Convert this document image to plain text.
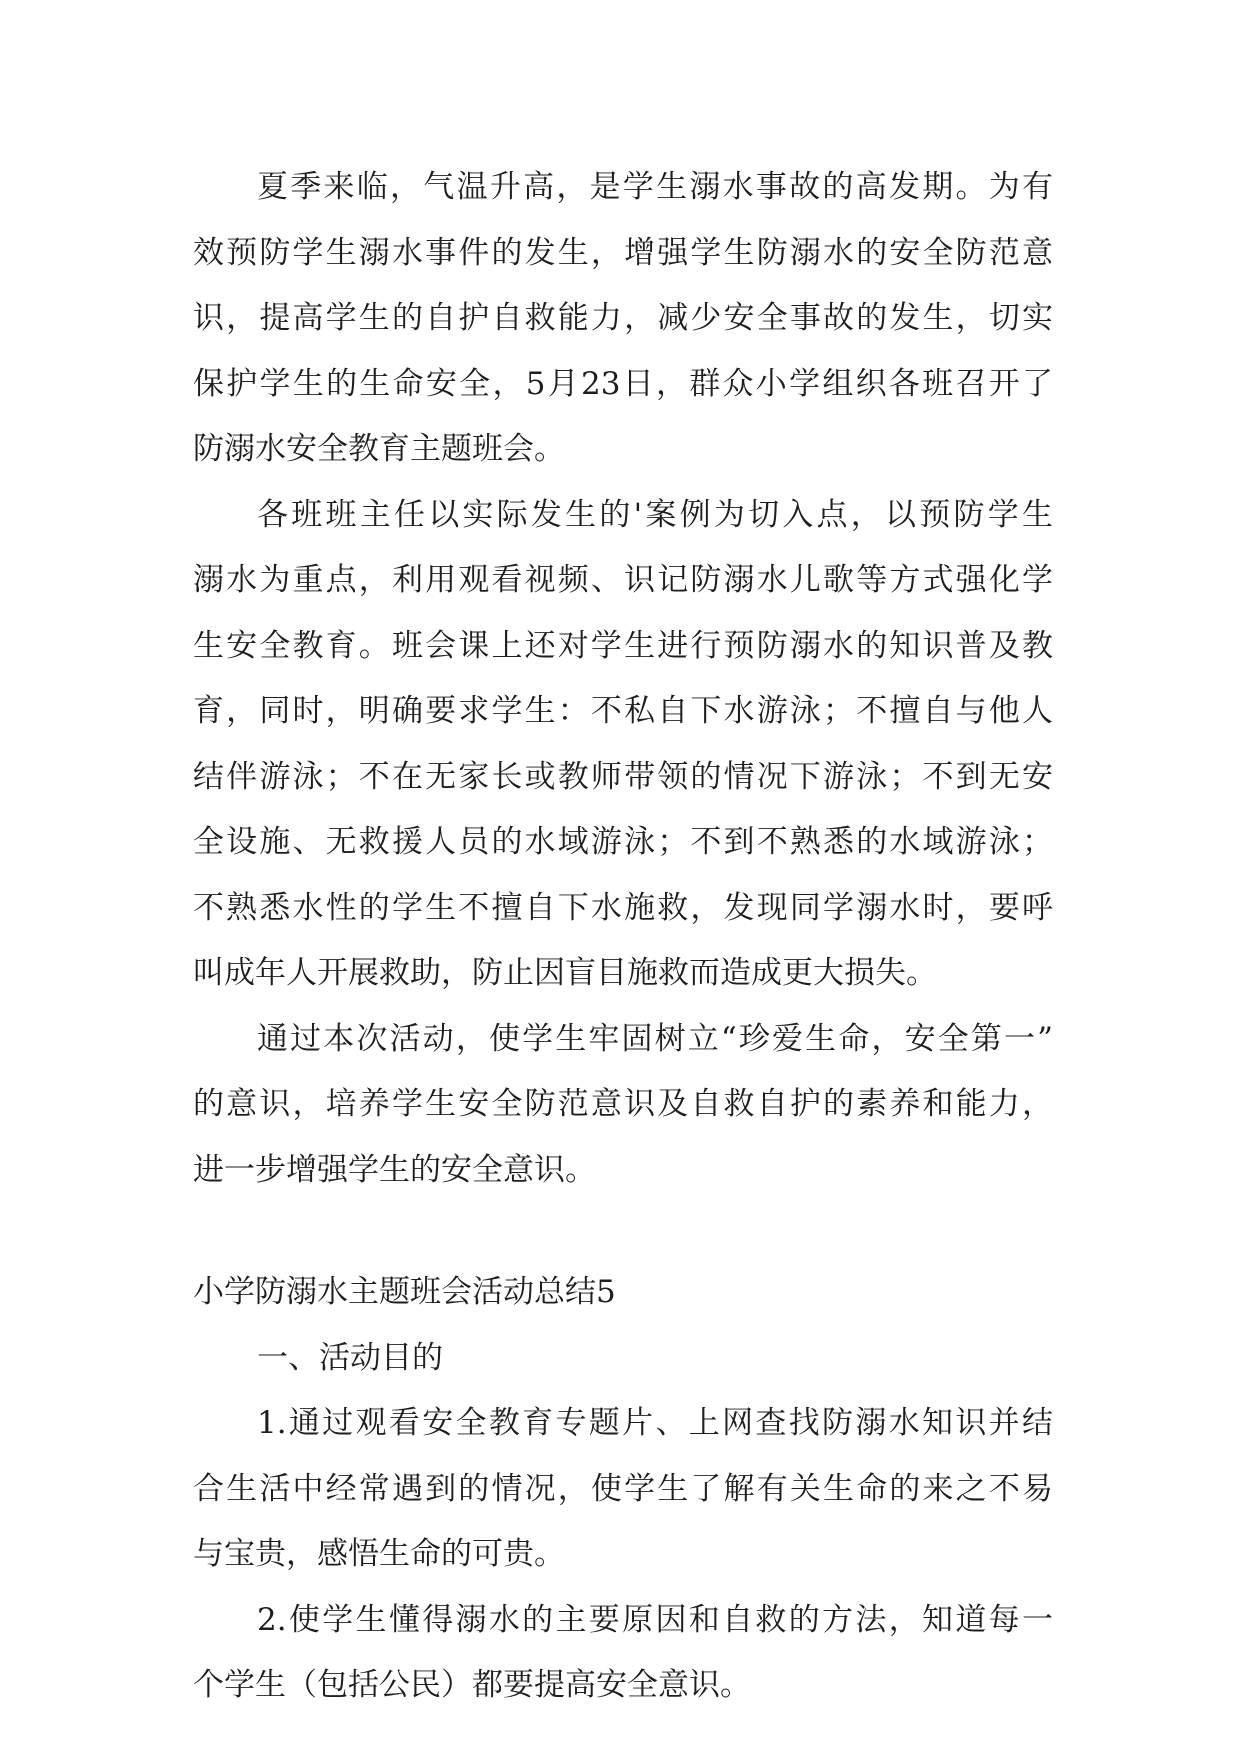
夏季来临，气温升高，是学生溺水事故的高发期。为有
效预防学生溺水事件的发生，增强学生防溺水的安全防范意
识，提高学生的自护自救能力，减少安全事故的发生，切实
保护学生的生命安全，5月23日，群众小学组织各班召开了
防溺水安全教育主题班会。
各班班主任以实际发生的'案例为切入点，以预防学生
溺水为重点，利用观看视频、识记防溺水儿歌等方式强化学
生安全教育。班会课上还对学生进行预防溺水的知识普及教
育，同时，明确要求学生：不私自下水游泳；不擅自与他人
结伴游泳；不在无家长或教师带领的情况下游泳；不到无安
全设施、无救援人员的水域游泳；不到不熟悉的水域游泳；
不熟悉水性的学生不擅自下水施救，发现同学溺水时，要呼
叫成年人开展救助，防止因盲目施救而造成更大损失。
通过本次活动，使学生牢固树立“珍爱生命，安全第一”
的意识，培养学生安全防范意识及自救自护的素养和能力，
进一步增强学生的安全意识。
小学防溺水主题班会活动总结5
一、活动目的
1.通过观看安全教育专题片、上网查找防溺水知识并结
合生活中经常遇到的情况，使学生了解有关生命的来之不易
与宝贵，感悟生命的可贵。
2.使学生懂得溺水的主要原因和自救的方法，知道每一
个学生（包括公民）都要提高安全意识。
